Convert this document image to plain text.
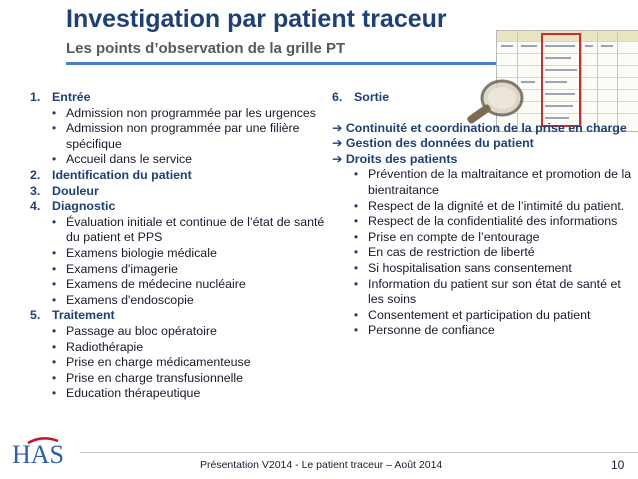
Investigation par patient traceur
Les points d’observation de la grille PT
1. Entrée
• Admission non programmée par les urgences
• Admission non programmée par une filière spécifique
• Accueil dans le service
2. Identification du patient
3. Douleur
4. Diagnostic
• Évaluation initiale et continue de l’état de santé du patient et PPS
• Examens biologie médicale
• Examens d'imagerie
• Examens de médecine nucléaire
• Examens d'endoscopie
5. Traitement
• Passage au bloc opératoire
• Radiothérapie
• Prise en charge médicamenteuse
• Prise en charge transfusionnelle
• Education thérapeutique
6. Sortie
➔ Continuité et coordination de la prise en charge
➔ Gestion des données du patient
➔ Droits des patients
• Prévention de la maltraitance et promotion de la bientraitance
• Respect de la dignité et de l’intimité du patient.
• Respect de la confidentialité des informations
• Prise en compte de l’entourage
• En cas de restriction de liberté
• Si hospitalisation sans consentement
• Information du patient sur son état de santé et les soins
• Consentement et participation du patient
• Personne de confiance
HAS	Présentation V2014 - Le patient traceur – Août 2014	10
